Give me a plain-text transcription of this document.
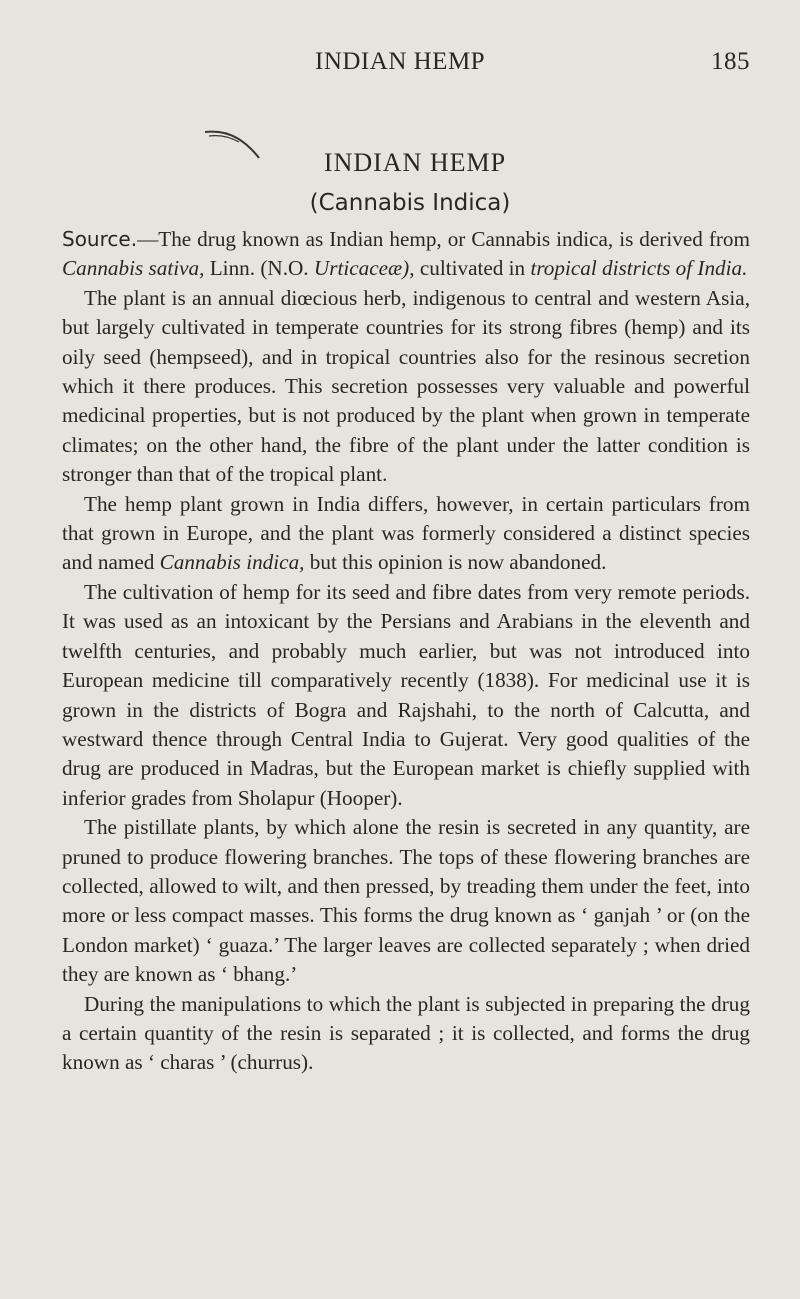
INDIAN HEMP	185
INDIAN HEMP
(Cannabis Indica)

Source.—The drug known as Indian hemp, or Cannabis indica, is derived from Cannabis sativa, Linn. (N.O. Urticaceæ), cultivated in tropical districts of India.

The plant is an annual diœcious herb, indigenous to central and western Asia, but largely cultivated in temperate countries for its strong fibres (hemp) and its oily seed (hempseed), and in tropical countries also for the resinous secretion which it there produces. This secretion possesses very valuable and powerful medicinal properties, but is not produced by the plant when grown in temperate climates; on the other hand, the fibre of the plant under the latter condition is stronger than that of the tropical plant.

The hemp plant grown in India differs, however, in certain particulars from that grown in Europe, and the plant was formerly considered a distinct species and named Cannabis indica, but this opinion is now abandoned.

The cultivation of hemp for its seed and fibre dates from very remote periods. It was used as an intoxicant by the Persians and Arabians in the eleventh and twelfth centuries, and probably much earlier, but was not introduced into European medicine till comparatively recently (1838). For medicinal use it is grown in the districts of Bogra and Rajshahi, to the north of Calcutta, and westward thence through Central India to Gujerat. Very good qualities of the drug are produced in Madras, but the European market is chiefly supplied with inferior grades from Sholapur (Hooper).

The pistillate plants, by which alone the resin is secreted in any quantity, are pruned to produce flowering branches. The tops of these flowering branches are collected, allowed to wilt, and then pressed, by treading them under the feet, into more or less compact masses. This forms the drug known as ‘ ganjah ’ or (on the London market) ‘ guaza.’ The larger leaves are collected separately ; when dried they are known as ‘ bhang.’

During the manipulations to which the plant is subjected in preparing the drug a certain quantity of the resin is separated ; it is collected, and forms the drug known as ‘ charas ’ (churrus).
